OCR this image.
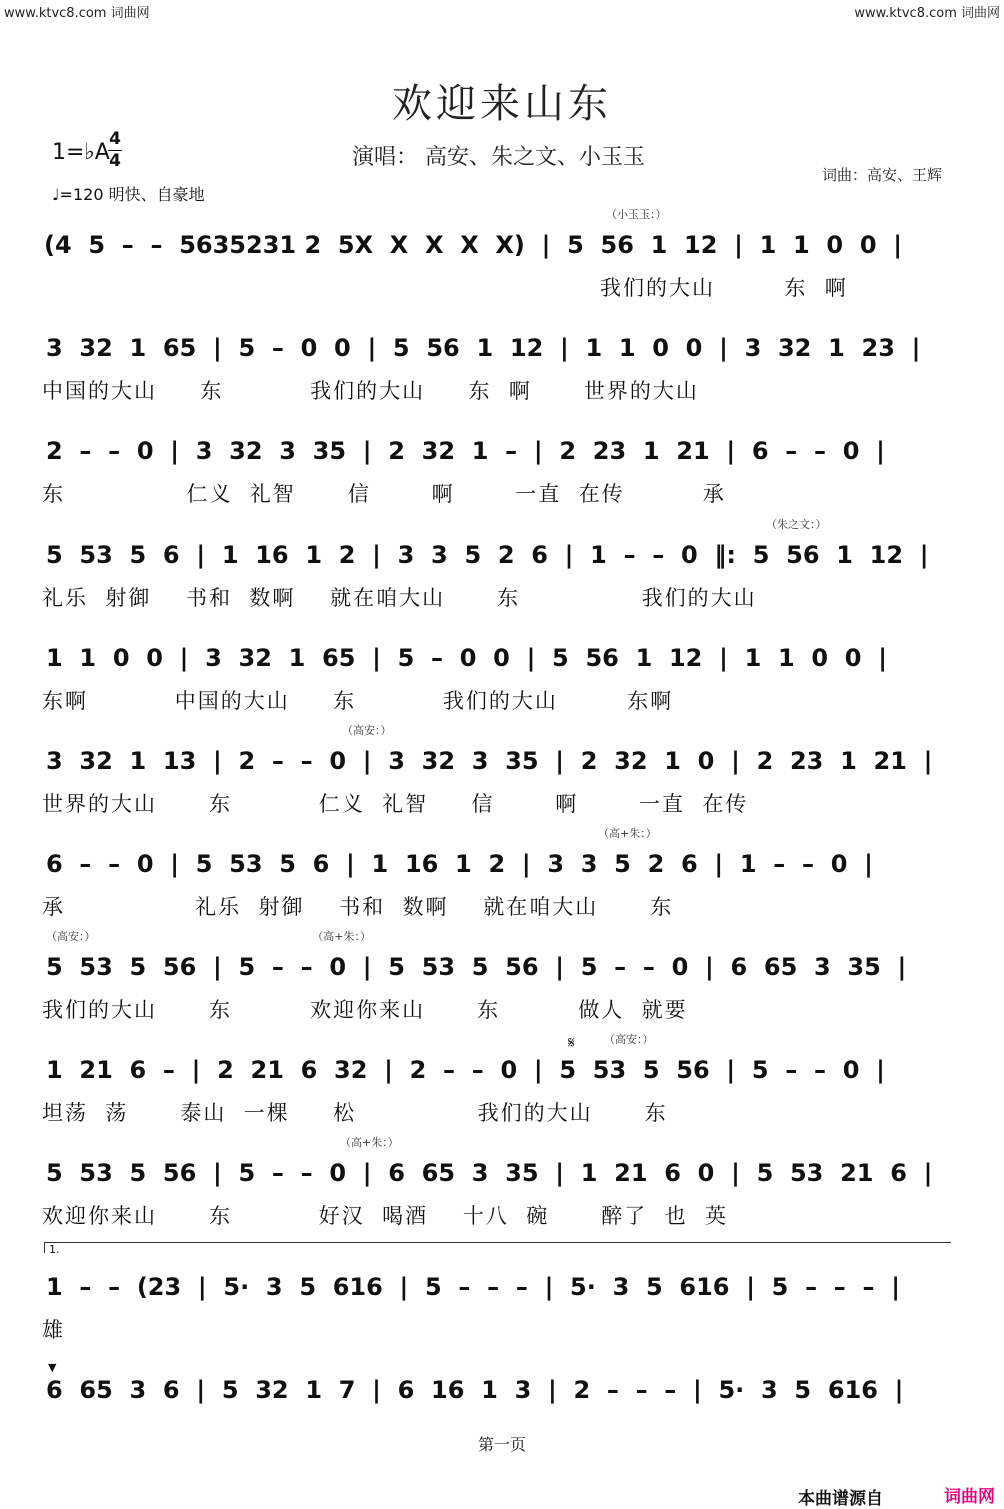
www.ktvc8.com 词曲网	www.ktvc8.com 词曲网
欢迎来山东
1=♭A
4
4	演唱： 高安、朱之文、小玉玉
♩=120 明快、自豪地
词曲：高安、王辉
（小玉玉：）
(4  5  –  –  5635231 2  5X  X  X  X  X)  |  5  56  1  12  |  1  1  0  0  |
我们的大山        东  啊
3  32  1  65  |  5  –  0  0  |  5  56  1  12  |  1  1  0  0  |  3  32  1  23  |
中国的大山     东          我们的大山     东  啊      世界的大山
2  –  –  0  |  3  32  3  35  |  2  32  1  –  |  2  23  1  21  |  6  –  –  0  |
东              仁义  礼智      信       啊       一直  在传         承
（朱之文：）
5  53  5  6  |  1  16  1  2  |  3  3  5  2  6  |  1  –  –  0  ‖:  5  56  1  12  |
礼乐  射御    书和  数啊    就在咱大山      东              我们的大山
1  1  0  0  |  3  32  1  65  |  5  –  0  0  |  5  56  1  12  |  1  1  0  0  |
东啊          中国的大山     东          我们的大山        东啊
（高安：）
3  32  1  13  |  2  –  –  0  |  3  32  3  35  |  2  32  1  0  |  2  23  1  21  |
世界的大山      东          仁义  礼智     信       啊       一直  在传
（高+朱：）
6  –  –  0  |  5  53  5  6  |  1  16  1  2  |  3  3  5  2  6  |  1  –  –  0  |
承               礼乐  射御    书和  数啊    就在咱大山      东
（高安：）                                                              （高+朱：）
5  53  5  56  |  5  –  –  0  |  5  53  5  56  |  5  –  –  0  |  6  65  3  35  |
我们的大山      东         欢迎你来山      东         做人  就要
（高安：）
𝄋
1  21  6  –  |  2  21  6  32  |  2  –  –  0  |  5  53  5  56  |  5  –  –  0  |
坦荡  荡      泰山  一棵     松              我们的大山      东
（高+朱：）
5  53  5  56  |  5  –  –  0  |  6  65  3  35  |  1  21  6  0  |  5  53  21  6  |
欢迎你来山      东          好汉  喝酒    十八  碗      醉了  也  英
1.
1  –  –  (23  |  5·  3  5  616  |  5  –  –  –  |  5·  3  5  616  |  5  –  –  –  |
雄
▼
6  65  3  6  |  5  32  1  7  |  6  16  1  3  |  2  –  –  –  |  5·  3  5  616  |
第一页
本曲谱源自	词曲网
